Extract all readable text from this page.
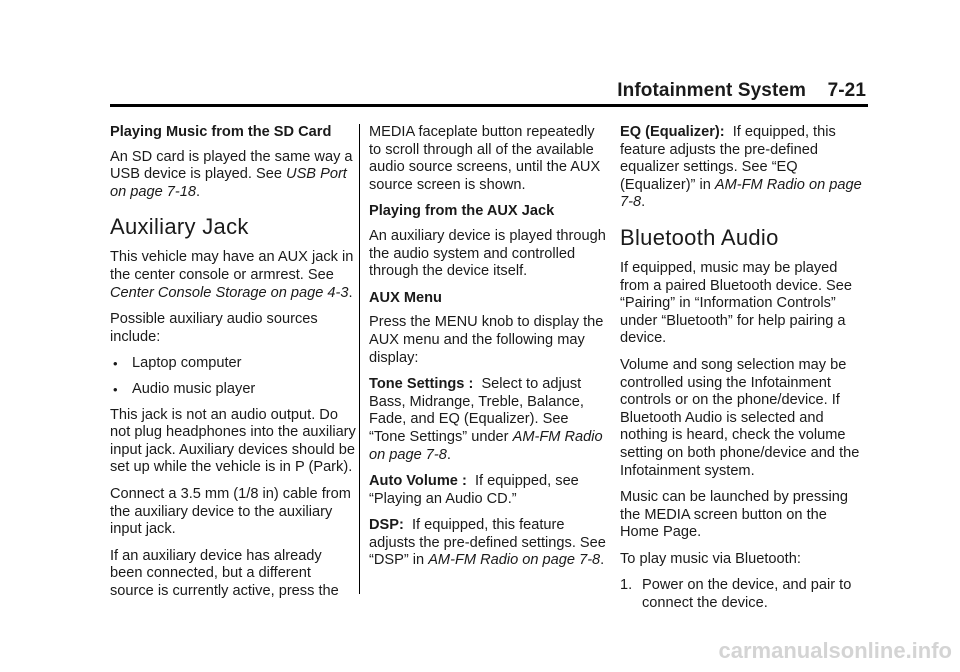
Infotainment System 7-21

Playing Music from the SD Card

An SD card is played the same way a USB device is played. See USB Port on page 7-18.

Auxiliary Jack

This vehicle may have an AUX jack in the center console or armrest. See Center Console Storage on page 4-3.

Possible auxiliary audio sources include:

• Laptop computer
• Audio music player

This jack is not an audio output. Do not plug headphones into the auxiliary input jack. Auxiliary devices should be set up while the vehicle is in P (Park).

Connect a 3.5 mm (1/8 in) cable from the auxiliary device to the auxiliary input jack.

If an auxiliary device has already been connected, but a different source is currently active, press the

MEDIA faceplate button repeatedly to scroll through all of the available audio source screens, until the AUX source screen is shown.

Playing from the AUX Jack

An auxiliary device is played through the audio system and controlled through the device itself.

AUX Menu

Press the MENU knob to display the AUX menu and the following may display:

Tone Settings : Select to adjust Bass, Midrange, Treble, Balance, Fade, and EQ (Equalizer). See “Tone Settings” under AM-FM Radio on page 7-8.

Auto Volume : If equipped, see “Playing an Audio CD.”

DSP: If equipped, this feature adjusts the pre-defined settings. See “DSP” in AM-FM Radio on page 7-8.

EQ (Equalizer): If equipped, this feature adjusts the pre-defined equalizer settings. See “EQ (Equalizer)” in AM-FM Radio on page 7-8.

Bluetooth Audio

If equipped, music may be played from a paired Bluetooth device. See “Pairing” in “Information Controls” under “Bluetooth” for help pairing a device.

Volume and song selection may be controlled using the Infotainment controls or on the phone/device. If Bluetooth Audio is selected and nothing is heard, check the volume setting on both phone/device and the Infotainment system.

Music can be launched by pressing the MEDIA screen button on the Home Page.

To play music via Bluetooth:

1. Power on the device, and pair to connect the device.
carmanualsonline.info
